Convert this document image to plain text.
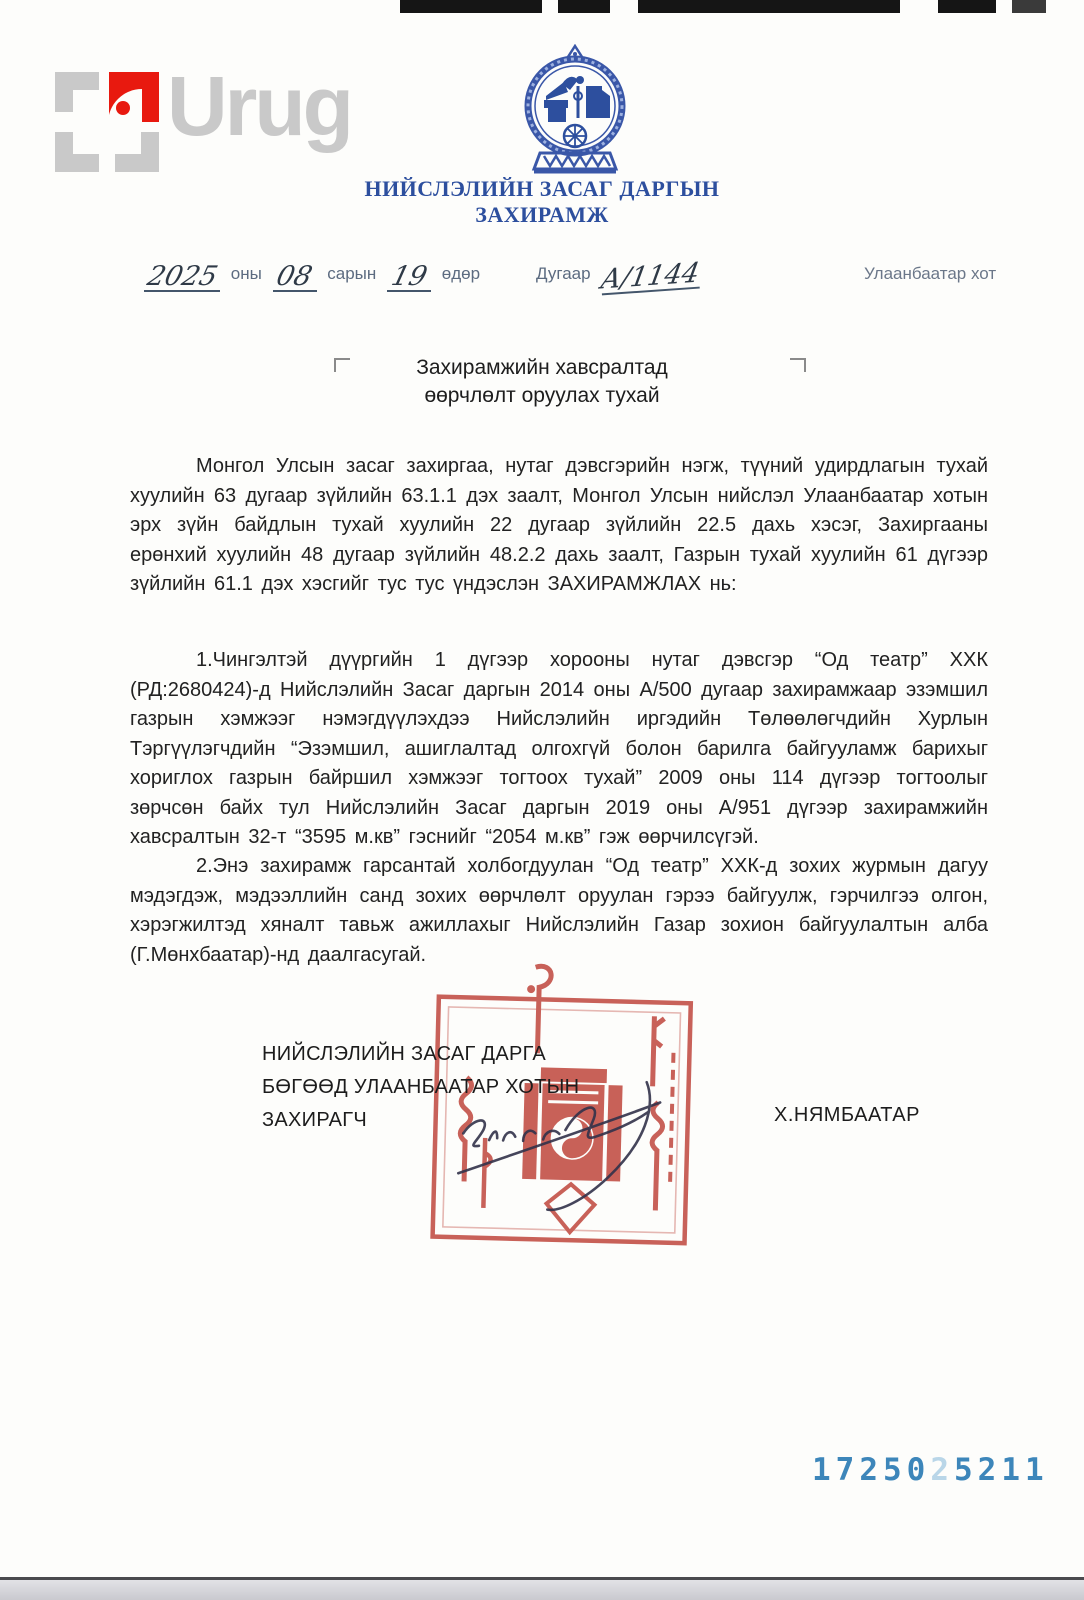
Urug
НИЙСЛЭЛИЙН ЗАСАГ ДАРГЫН
ЗАХИРАМЖ
2025 оны 08 сарын 19 өдөр	Дугаар А/1144	Улаанбаатар хот
Захирамжийн хавсралтад
өөрчлөлт оруулах тухай
Монгол Улсын засаг захиргаа, нутаг дэвсгэрийн нэгж, түүний удирдлагын тухай хуулийн 63 дугаар зүйлийн 63.1.1 дэх заалт, Монгол Улсын нийслэл Улаанбаатар хотын эрх зүйн байдлын тухай хуулийн 22 дугаар зүйлийн 22.5 дахь хэсэг, Захиргааны ерөнхий хуулийн 48 дугаар зүйлийн 48.2.2 дахь заалт, Газрын тухай хуулийн 61 дүгээр зүйлийн 61.1 дэх хэсгийг тус тус үндэслэн ЗАХИРАМЖЛАХ нь:
1.Чингэлтэй дүүргийн 1 дүгээр хорооны нутаг дэвсгэр “Од театр” ХХК (РД:2680424)-д Нийслэлийн Засаг даргын 2014 оны А/500 дугаар захирамжаар эзэмшил газрын хэмжээг нэмэгдүүлэхдээ Нийслэлийн иргэдийн Төлөөлөгчдийн Хурлын Тэргүүлэгчдийн “Эзэмшил, ашиглалтад олгохгүй болон барилга байгууламж барихыг хориглох газрын байршил хэмжээг тогтоох тухай” 2009 оны 114 дүгээр тогтоолыг зөрчсөн байх тул Нийслэлийн Засаг даргын 2019 оны А/951 дүгээр захирамжийн хавсралтын 32-т “3595 м.кв” гэснийг “2054 м.кв” гэж өөрчилсүгэй.
2.Энэ захирамж гарсантай холбогдуулан “Од театр” ХХК-д зохих журмын дагуу мэдэгдэж, мэдээллийн санд зохих өөрчлөлт оруулан гэрээ байгуулж, гэрчилгээ олгон, хэрэгжилтэд хяналт тавьж ажиллахыг Нийслэлийн Газар зохион байгуулалтын алба (Г.Мөнхбаатар)-нд даалгасугай.
НИЙСЛЭЛИЙН ЗАСАГ ДАРГА
БӨГӨӨД УЛААНБААТАР ХОТЫН
ЗАХИРАГЧ	Х.НЯМБААТАР
1725025211
